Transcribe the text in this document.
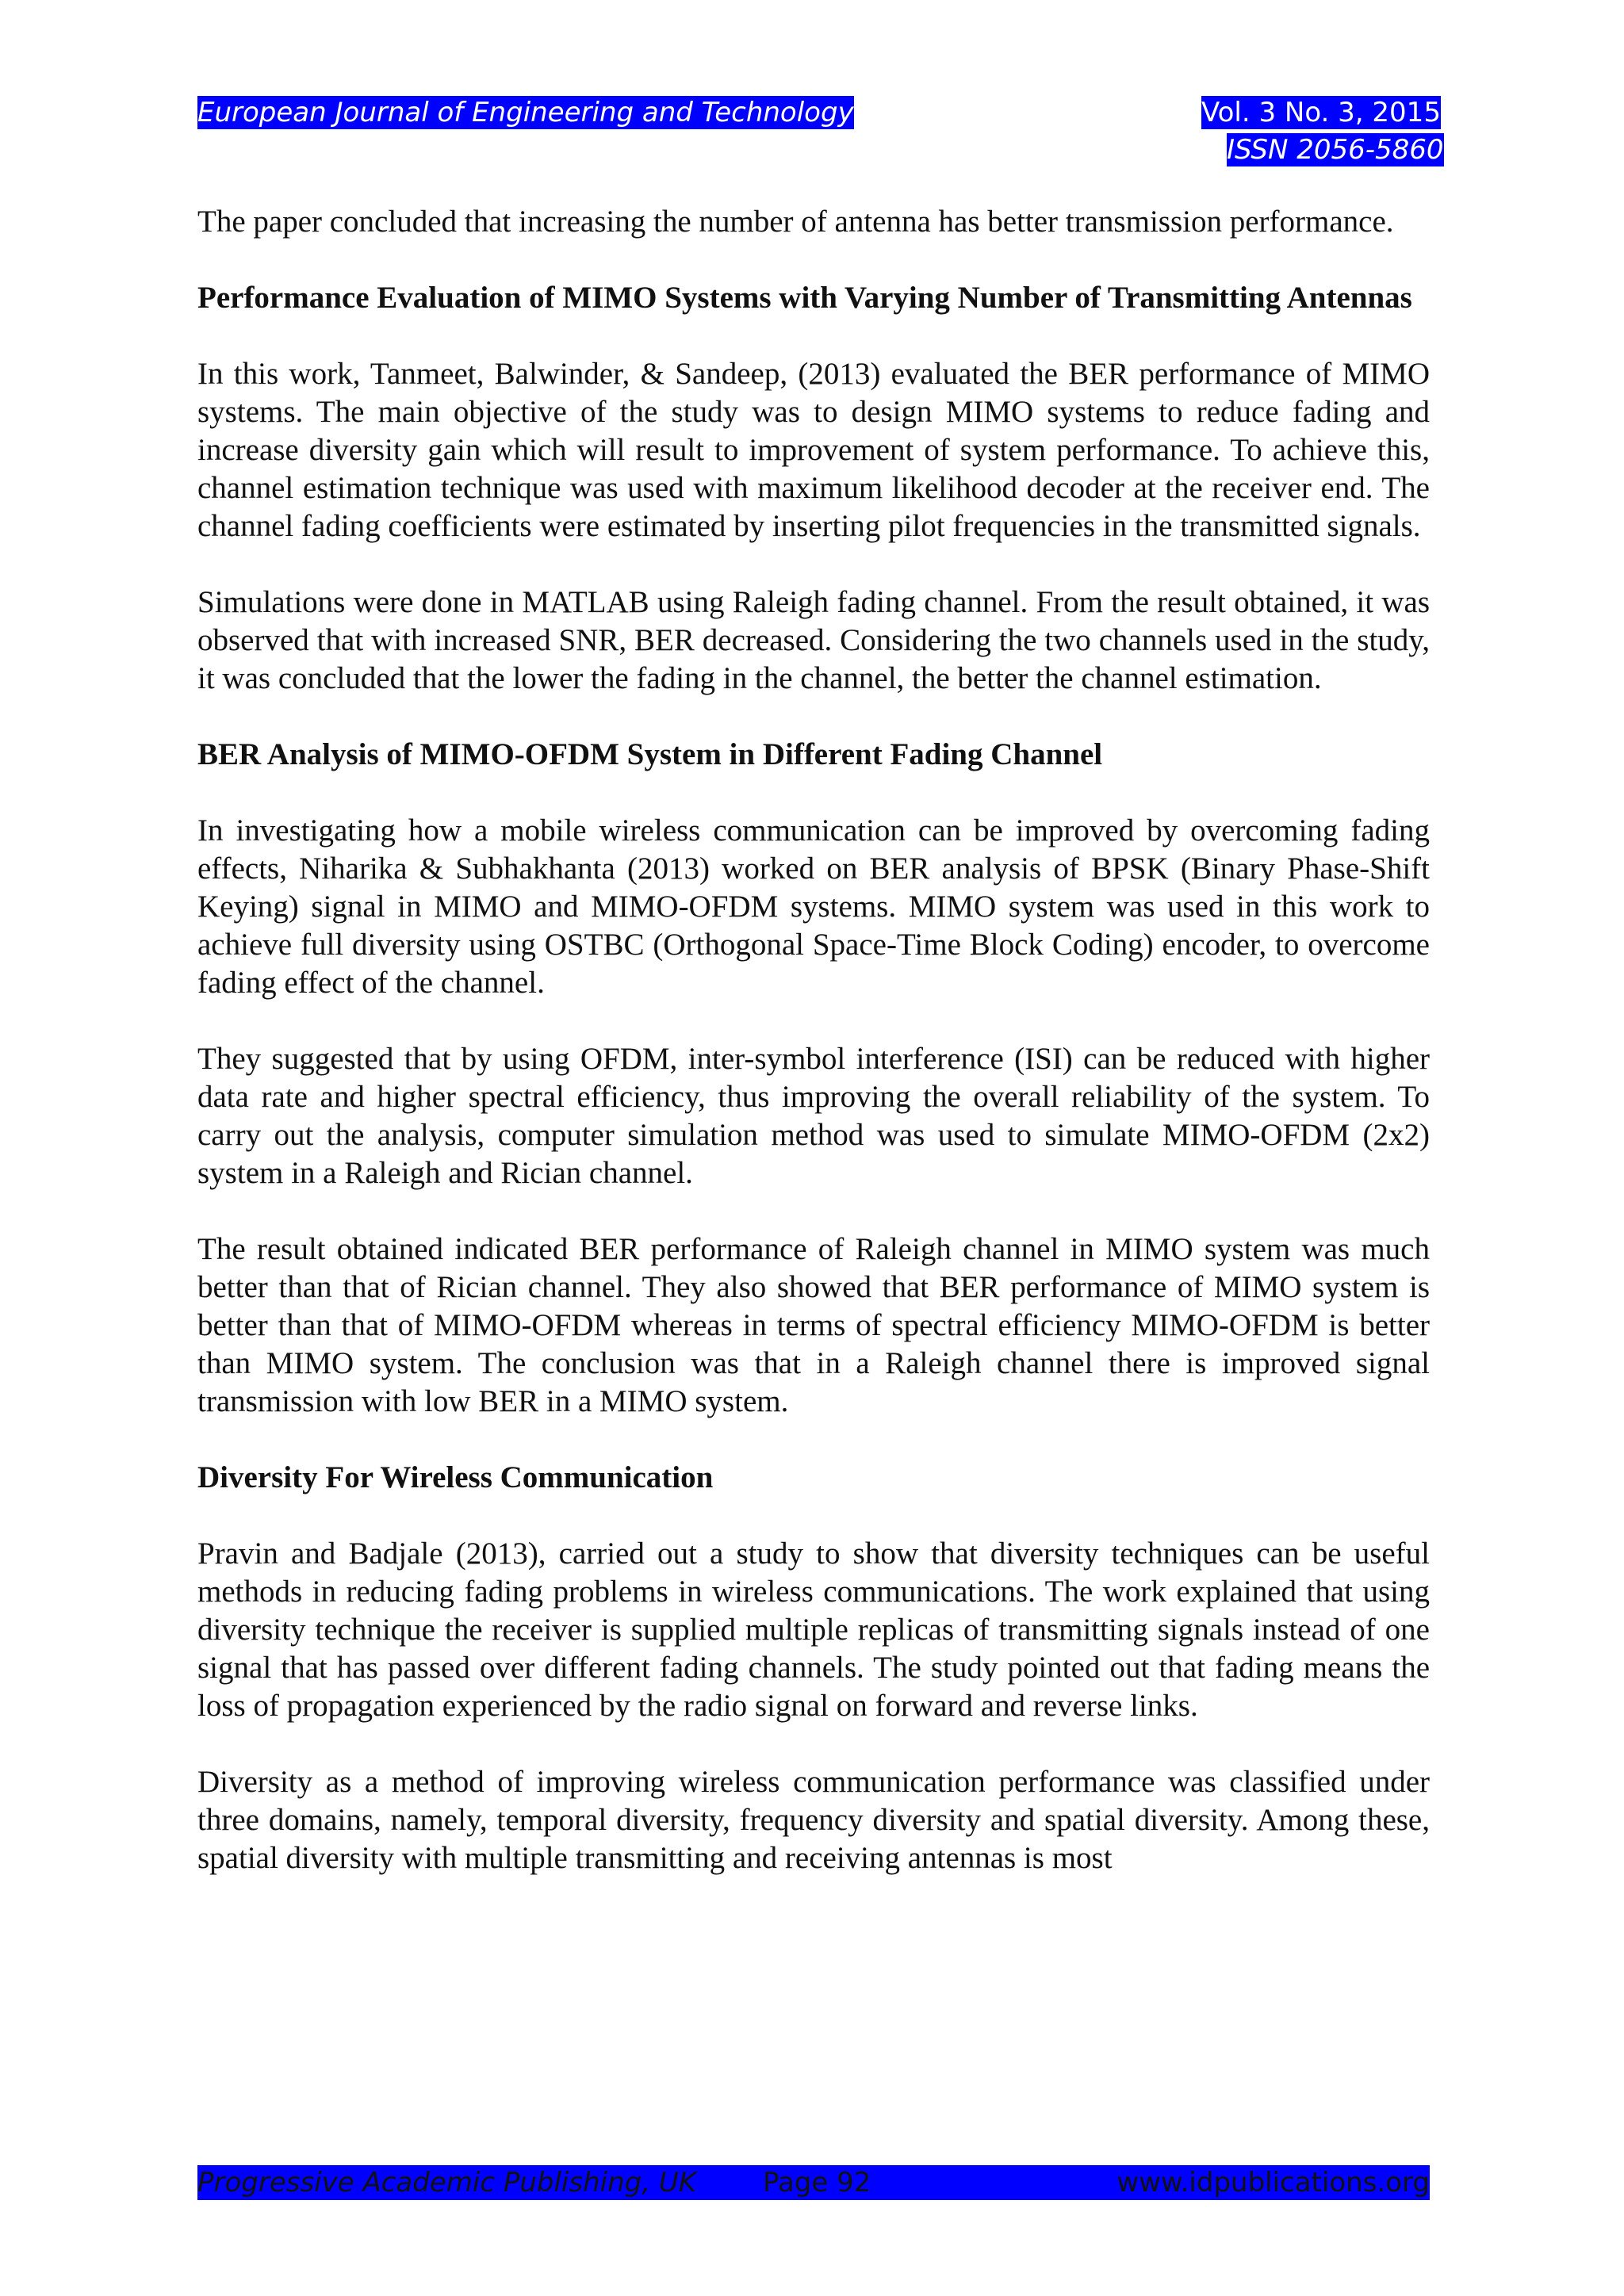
European Journal of Engineering and Technology	Vol. 3 No. 3, 2015
ISSN 2056-5860

The paper concluded that increasing the number of antenna has better transmission performance.

Performance Evaluation of MIMO Systems with Varying Number of Transmitting Antennas

In this work, Tanmeet, Balwinder, & Sandeep, (2013) evaluated the BER performance of MIMO systems. The main objective of the study was to design MIMO systems to reduce fading and increase diversity gain which will result to improvement of system performance. To achieve this, channel estimation technique was used with maximum likelihood decoder at the receiver end. The channel fading coefficients were estimated by inserting pilot frequencies in the transmitted signals.

Simulations were done in MATLAB using Raleigh fading channel. From the result obtained, it was observed that with increased SNR, BER decreased. Considering the two channels used in the study, it was concluded that the lower the fading in the channel, the better the channel estimation.

BER Analysis of MIMO-OFDM System in Different Fading Channel

In investigating how a mobile wireless communication can be improved by overcoming fading effects, Niharika & Subhakhanta (2013) worked on BER analysis of BPSK (Binary Phase-Shift Keying) signal in MIMO and MIMO-OFDM systems. MIMO system was used in this work to achieve full diversity using OSTBC (Orthogonal Space-Time Block Coding) encoder, to overcome fading effect of the channel.

They suggested that by using OFDM, inter-symbol interference (ISI) can be reduced with higher data rate and higher spectral efficiency, thus improving the overall reliability of the system. To carry out the analysis, computer simulation method was used to simulate MIMO-OFDM (2x2) system in a Raleigh and Rician channel.

The result obtained indicated BER performance of Raleigh channel in MIMO system was much better than that of Rician channel. They also showed that BER performance of MIMO system is better than that of MIMO-OFDM whereas in terms of spectral efficiency MIMO-OFDM is better than MIMO system. The conclusion was that in a Raleigh channel there is improved signal transmission with low BER in a MIMO system.

Diversity For Wireless Communication

Pravin and Badjale (2013), carried out a study to show that diversity techniques can be useful methods in reducing fading problems in wireless communications. The work explained that using diversity technique the receiver is supplied multiple replicas of transmitting signals instead of one signal that has passed over different fading channels. The study pointed out that fading means the loss of propagation experienced by the radio signal on forward and reverse links.

Diversity as a method of improving wireless communication performance was classified under three domains, namely, temporal diversity, frequency diversity and spatial diversity. Among these, spatial diversity with multiple transmitting and receiving antennas is most

Progressive Academic Publishing, UK Page 92	www.idpublications.org
